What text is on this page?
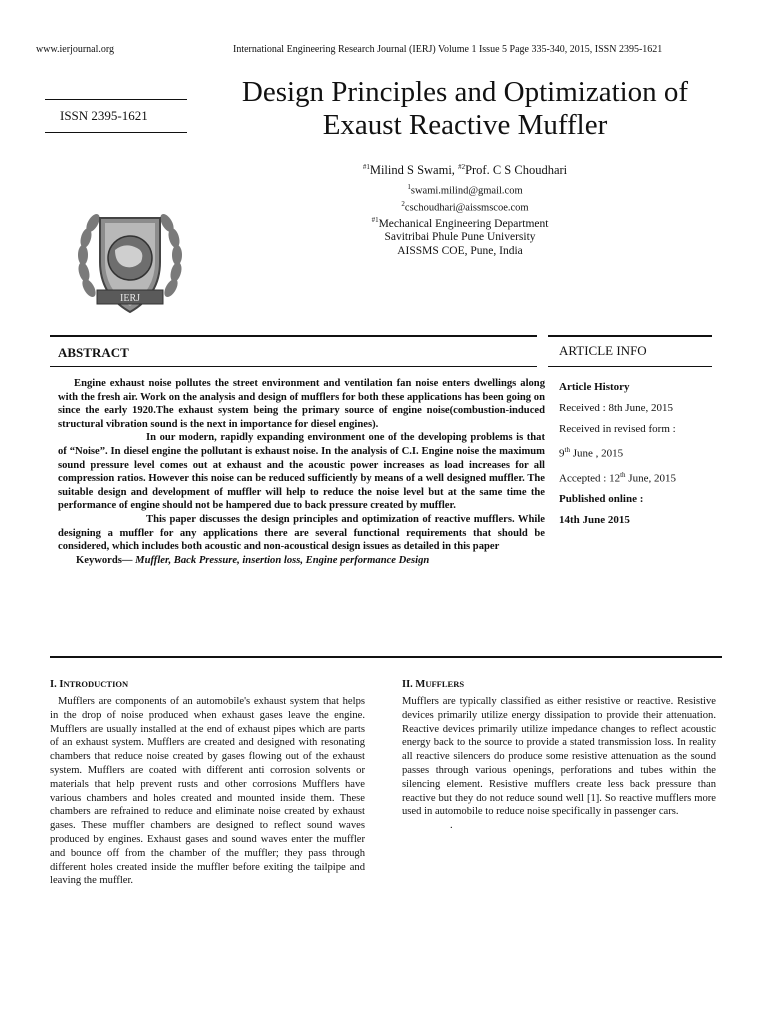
www.ierjournal.org	International Engineering Research Journal (IERJ) Volume 1 Issue 5 Page 335-340, 2015, ISSN 2395-1621
ISSN 2395-1621
IERJ
Design Principles and Optimization of
Exaust Reactive Muffler
$^{\#1}$Milind S Swami, $^{\#2}$Prof. C S Choudhari
$^1$swami.milind@gmail.com
$^2$cschoudhari@aissmscoe.com
$^{\#1}$Mechanical Engineering Department
Savitribai Phule Pune University
AISSMS COE, Pune, India
ABSTRACT	ARTICLE INFO

Engine exhaust noise pollutes the street environment and ventilation fan noise enters dwellings along with the fresh air. Work on the analysis and design of mufflers for both these applications has been going on since the early 1920.The exhaust system being the primary source of engine noise(combustion-induced structural vibration sound is the next in importance for diesel engines).

In our modern, rapidly expanding environment one of the developing problems is that of “Noise”. In diesel engine the pollutant is exhaust noise. In the analysis of C.I. Engine noise the maximum sound pressure level comes out at exhaust and the acoustic power increases as load increases for all compression ratios. However this noise can be reduced sufficiently by means of a well designed muffler. The suitable design and development of muffler will help to reduce the noise level but at the same time the performance of engine should not be hampered due to back pressure created by muffler.

This paper discusses the design principles and optimization of reactive mufflers. While designing a muffler for any applications there are several functional requirements that should be considered, which includes both acoustic and non-acoustical design issues as detailed in this paper

Keywords— Muffler, Back Pressure, insertion loss, Engine performance Design

Article History
Received : 8th June, 2015
Received in revised form :
9th June , 2015
Accepted : 12th June, 2015
Published online :
14th June 2015
I. INTRODUCTION	II. MUFFLERS

Mufflers are components of an automobile's exhaust system that helps in the drop of noise produced when exhaust gases leave the engine. Mufflers are usually installed at the end of exhaust pipes which are parts of an exhaust system. Mufflers are created and designed with resonating chambers that reduce noise created by gases flowing out of the exhaust system. Mufflers are coated with different anti corrosion solvents or materials that help prevent rusts and other corrosions Mufflers have various chambers and holes created and mounted inside them. These chambers are refrained to reduce and eliminate noise created by exhaust gases. These muffler chambers are designed to reflect sound waves produced by engines. Exhaust gases and sound waves enter the muffler and bounce off from the chamber of the muffler; they pass through different holes created inside the muffler before exiting the tailpipe and leaving the muffler.

Mufflers are typically classified as either resistive or reactive. Resistive devices primarily utilize energy dissipation to provide their attenuation. Reactive devices primarily utilize impedance changes to reflect acoustic energy back to the source to provide a stated transmission loss. In reality all reactive silencers do produce some resistive attenuation as the sound passes through various openings, perforations and tubes within the silencing element. Resistive mufflers create less back pressure than reactive but they do not reduce sound well [1]. So reactive mufflers more used in automobile to reduce noise specifically in passenger cars.

.
